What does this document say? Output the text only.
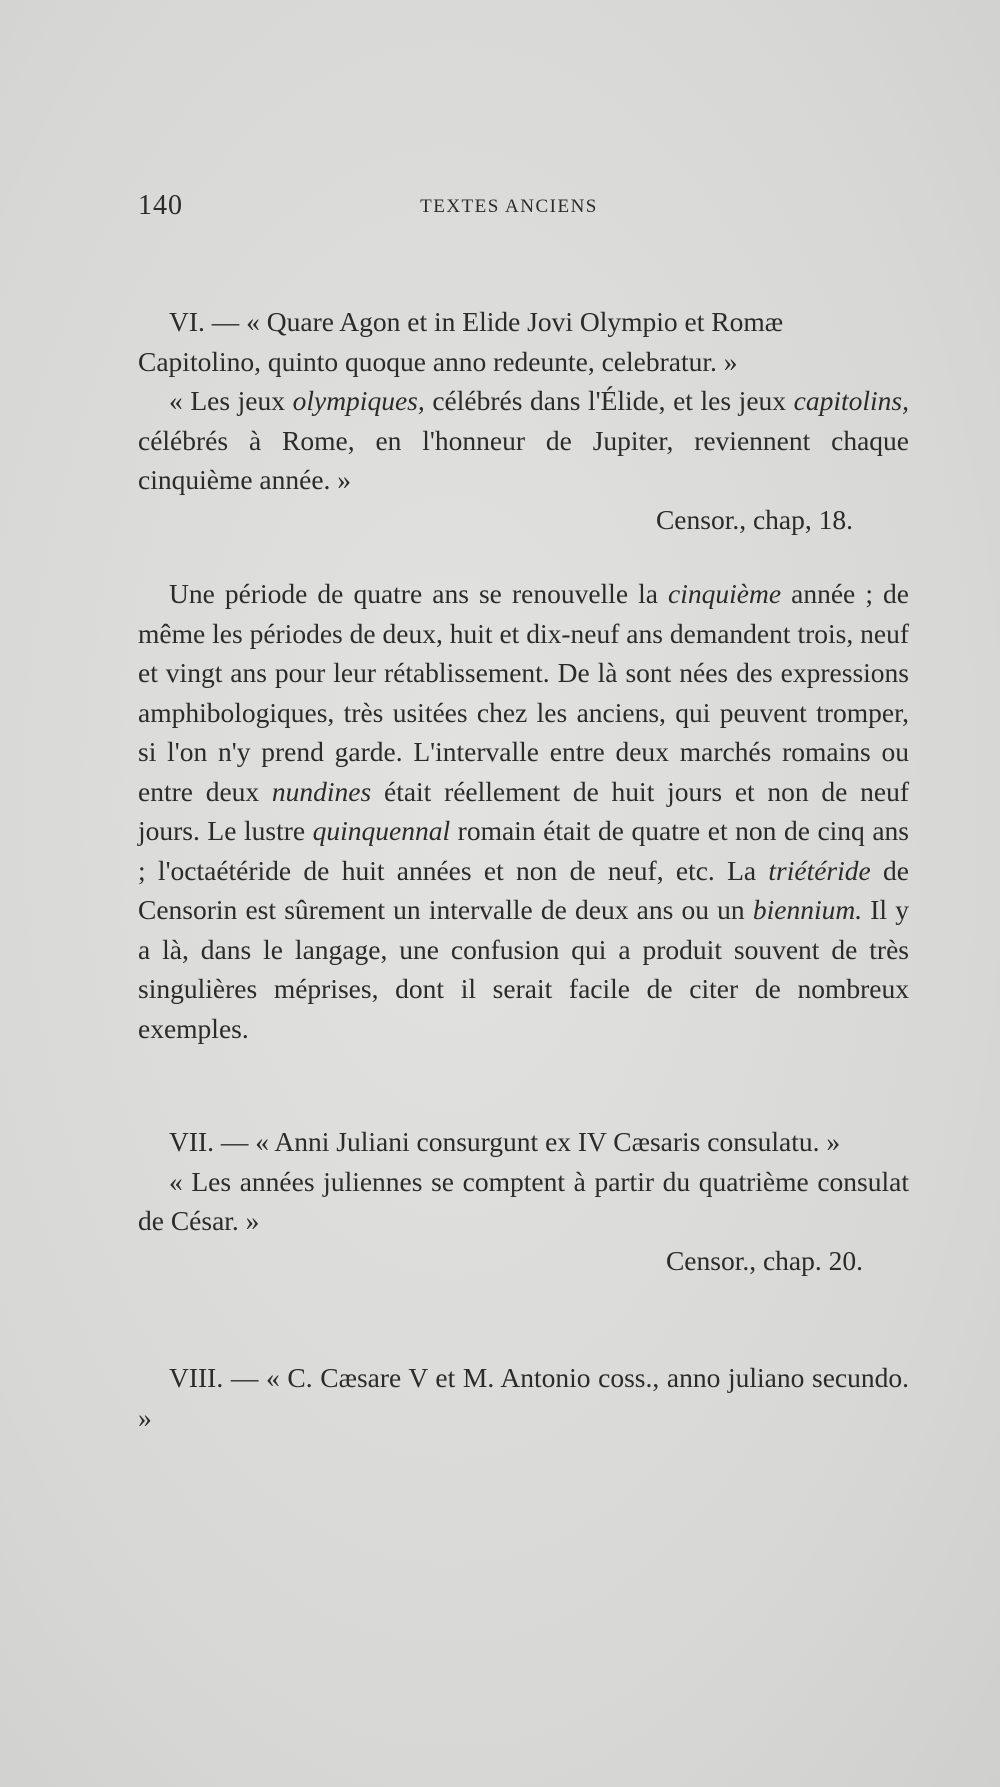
140	TEXTES ANCIENS

VI. — « Quare Agon et in Elide Jovi Olympio et Romæ
Capitolino, quinto quoque anno redeunte, celebratur. »

« Les jeux olympiques, célébrés dans l'Élide, et les jeux capitolins, célébrés à Rome, en l'honneur de Jupiter, reviennent chaque cinquième année. »

Censor., chap, 18.

Une période de quatre ans se renouvelle la cinquième année ; de même les périodes de deux, huit et dix-neuf ans demandent trois, neuf et vingt ans pour leur rétablissement. De là sont nées des expressions amphibologiques, très usitées chez les anciens, qui peuvent tromper, si l'on n'y prend garde. L'intervalle entre deux marchés romains ou entre deux nundines était réellement de huit jours et non de neuf jours. Le lustre quinquennal romain était de quatre et non de cinq ans ; l'octaétéride de huit années et non de neuf, etc. La triétéride de Censorin est sûrement un intervalle de deux ans ou un biennium. Il y a là, dans le langage, une confusion qui a produit souvent de très singulières méprises, dont il serait facile de citer de nombreux exemples.

VII. — « Anni Juliani consurgunt ex IV Cæsaris consulatu. »

« Les années juliennes se comptent à partir du quatrième consulat de César. »

Censor., chap. 20.

VIII. — « C. Cæsare V et M. Antonio coss., anno juliano secundo. »
